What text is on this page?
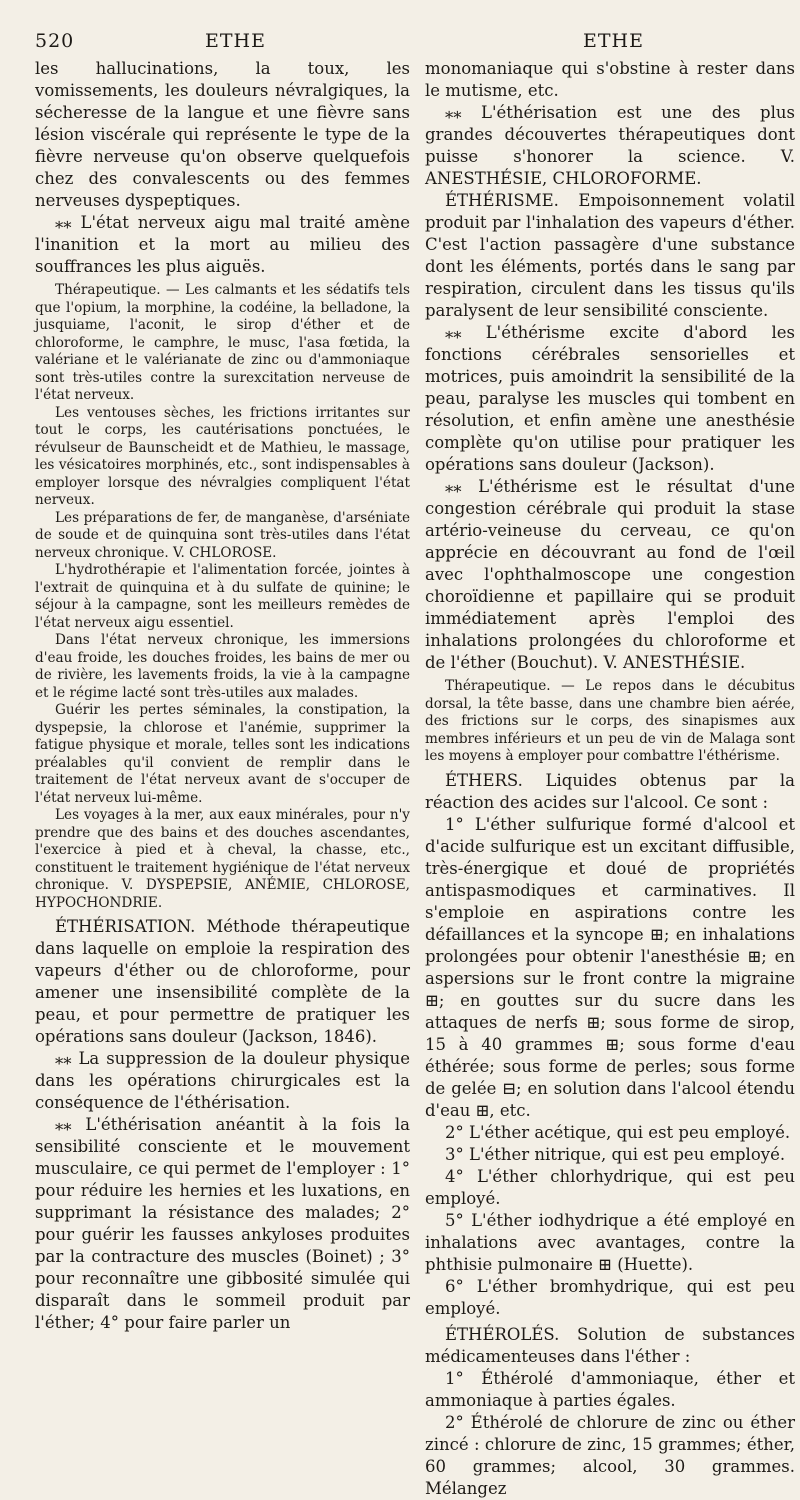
520	ETHE	ETHE

les hallucinations, la toux, les vomissements, les douleurs névralgiques, la sécheresse de la langue et une fièvre sans lésion viscérale qui représente le type de la fièvre nerveuse qu'on observe quelquefois chez des convalescents ou des femmes nerveuses dyspeptiques.

⁎⁎ L'état nerveux aigu mal traité amène l'inanition et la mort au milieu des souffrances les plus aiguës.

Thérapeutique. — Les calmants et les sédatifs tels que l'opium, la morphine, la codéine, la belladone, la jusquiame, l'aconit, le sirop d'éther et de chloroforme, le camphre, le musc, l'asa fœtida, la valériane et le valérianate de zinc ou d'ammoniaque sont très-utiles contre la surexcitation nerveuse de l'état nerveux.

Les ventouses sèches, les frictions irritantes sur tout le corps, les cautérisations ponctuées, le révulseur de Baunscheidt et de Mathieu, le massage, les vésicatoires morphinés, etc., sont indispensables à employer lorsque des névralgies compliquent l'état nerveux.

Les préparations de fer, de manganèse, d'arséniate de soude et de quinquina sont très-utiles dans l'état nerveux chronique. V. CHLOROSE.

L'hydrothérapie et l'alimentation forcée, jointes à l'extrait de quinquina et à du sulfate de quinine; le séjour à la campagne, sont les meilleurs remèdes de l'état nerveux aigu essentiel.

Dans l'état nerveux chronique, les immersions d'eau froide, les douches froides, les bains de mer ou de rivière, les lavements froids, la vie à la campagne et le régime lacté sont très-utiles aux malades.

Guérir les pertes séminales, la constipation, la dyspepsie, la chlorose et l'anémie, supprimer la fatigue physique et morale, telles sont les indications préalables qu'il convient de remplir dans le traitement de l'état nerveux avant de s'occuper de l'état nerveux lui-même.

Les voyages à la mer, aux eaux minérales, pour n'y prendre que des bains et des douches ascendantes, l'exercice à pied et à cheval, la chasse, etc., constituent le traitement hygiénique de l'état nerveux chronique. V. DYSPEPSIE, ANÉMIE, CHLOROSE, HYPOCHONDRIE.

ÉTHÉRISATION. Méthode thérapeutique dans laquelle on emploie la respiration des vapeurs d'éther ou de chloroforme, pour amener une insensibilité complète de la peau, et pour permettre de pratiquer les opérations sans douleur (Jackson, 1846).

⁎⁎ La suppression de la douleur physique dans les opérations chirurgicales est la conséquence de l'éthérisation.

⁎⁎ L'éthérisation anéantit à la fois la sensibilité consciente et le mouvement musculaire, ce qui permet de l'employer : 1° pour réduire les hernies et les luxations, en supprimant la résistance des malades; 2° pour guérir les fausses ankyloses produites par la contracture des muscles (Boinet) ; 3° pour reconnaître une gibbosité simulée qui disparaît dans le sommeil produit par l'éther; 4° pour faire parler un

monomaniaque qui s'obstine à rester dans le mutisme, etc.

⁎⁎ L'éthérisation est une des plus grandes découvertes thérapeutiques dont puisse s'honorer la science. V. ANESTHÉSIE, CHLOROFORME.

ÉTHÉRISME. Empoisonnement volatil produit par l'inhalation des vapeurs d'éther. C'est l'action passagère d'une substance dont les éléments, portés dans le sang par respiration, circulent dans les tissus qu'ils paralysent de leur sensibilité consciente.

⁎⁎ L'éthérisme excite d'abord les fonctions cérébrales sensorielles et motrices, puis amoindrit la sensibilité de la peau, paralyse les muscles qui tombent en résolution, et enfin amène une anesthésie complète qu'on utilise pour pratiquer les opérations sans douleur (Jackson).

⁎⁎ L'éthérisme est le résultat d'une congestion cérébrale qui produit la stase artério-veineuse du cerveau, ce qu'on apprécie en découvrant au fond de l'œil avec l'ophthalmoscope une congestion choroïdienne et papillaire qui se produit immédiatement après l'emploi des inhalations prolongées du chloroforme et de l'éther (Bouchut). V. ANESTHÉSIE.

Thérapeutique. — Le repos dans le décubitus dorsal, la tête basse, dans une chambre bien aérée, des frictions sur le corps, des sinapismes aux membres inférieurs et un peu de vin de Malaga sont les moyens à employer pour combattre l'éthérisme.

ÉTHERS. Liquides obtenus par la réaction des acides sur l'alcool. Ce sont :

1° L'éther sulfurique formé d'alcool et d'acide sulfurique est un excitant diffusible, très-énergique et doué de propriétés antispasmodiques et carminatives. Il s'emploie en aspirations contre les défaillances et la syncope ⊞; en inhalations prolongées pour obtenir l'anesthésie ⊞; en aspersions sur le front contre la migraine ⊞; en gouttes sur du sucre dans les attaques de nerfs ⊞; sous forme de sirop, 15 à 40 grammes ⊞; sous forme d'eau éthérée; sous forme de perles; sous forme de gelée ⊟; en solution dans l'alcool étendu d'eau ⊞, etc.

2° L'éther acétique, qui est peu employé.

3° L'éther nitrique, qui est peu employé.

4° L'éther chlorhydrique, qui est peu employé.

5° L'éther iodhydrique a été employé en inhalations avec avantages, contre la phthisie pulmonaire ⊞ (Huette).

6° L'éther bromhydrique, qui est peu employé.

ÉTHÉROLÉS. Solution de substances médicamenteuses dans l'éther :

1° Éthérolé d'ammoniaque, éther et ammoniaque à parties égales.

2° Éthérolé de chlorure de zinc ou éther zincé : chlorure de zinc, 15 grammes; éther, 60 grammes; alcool, 30 grammes. Mélangez
